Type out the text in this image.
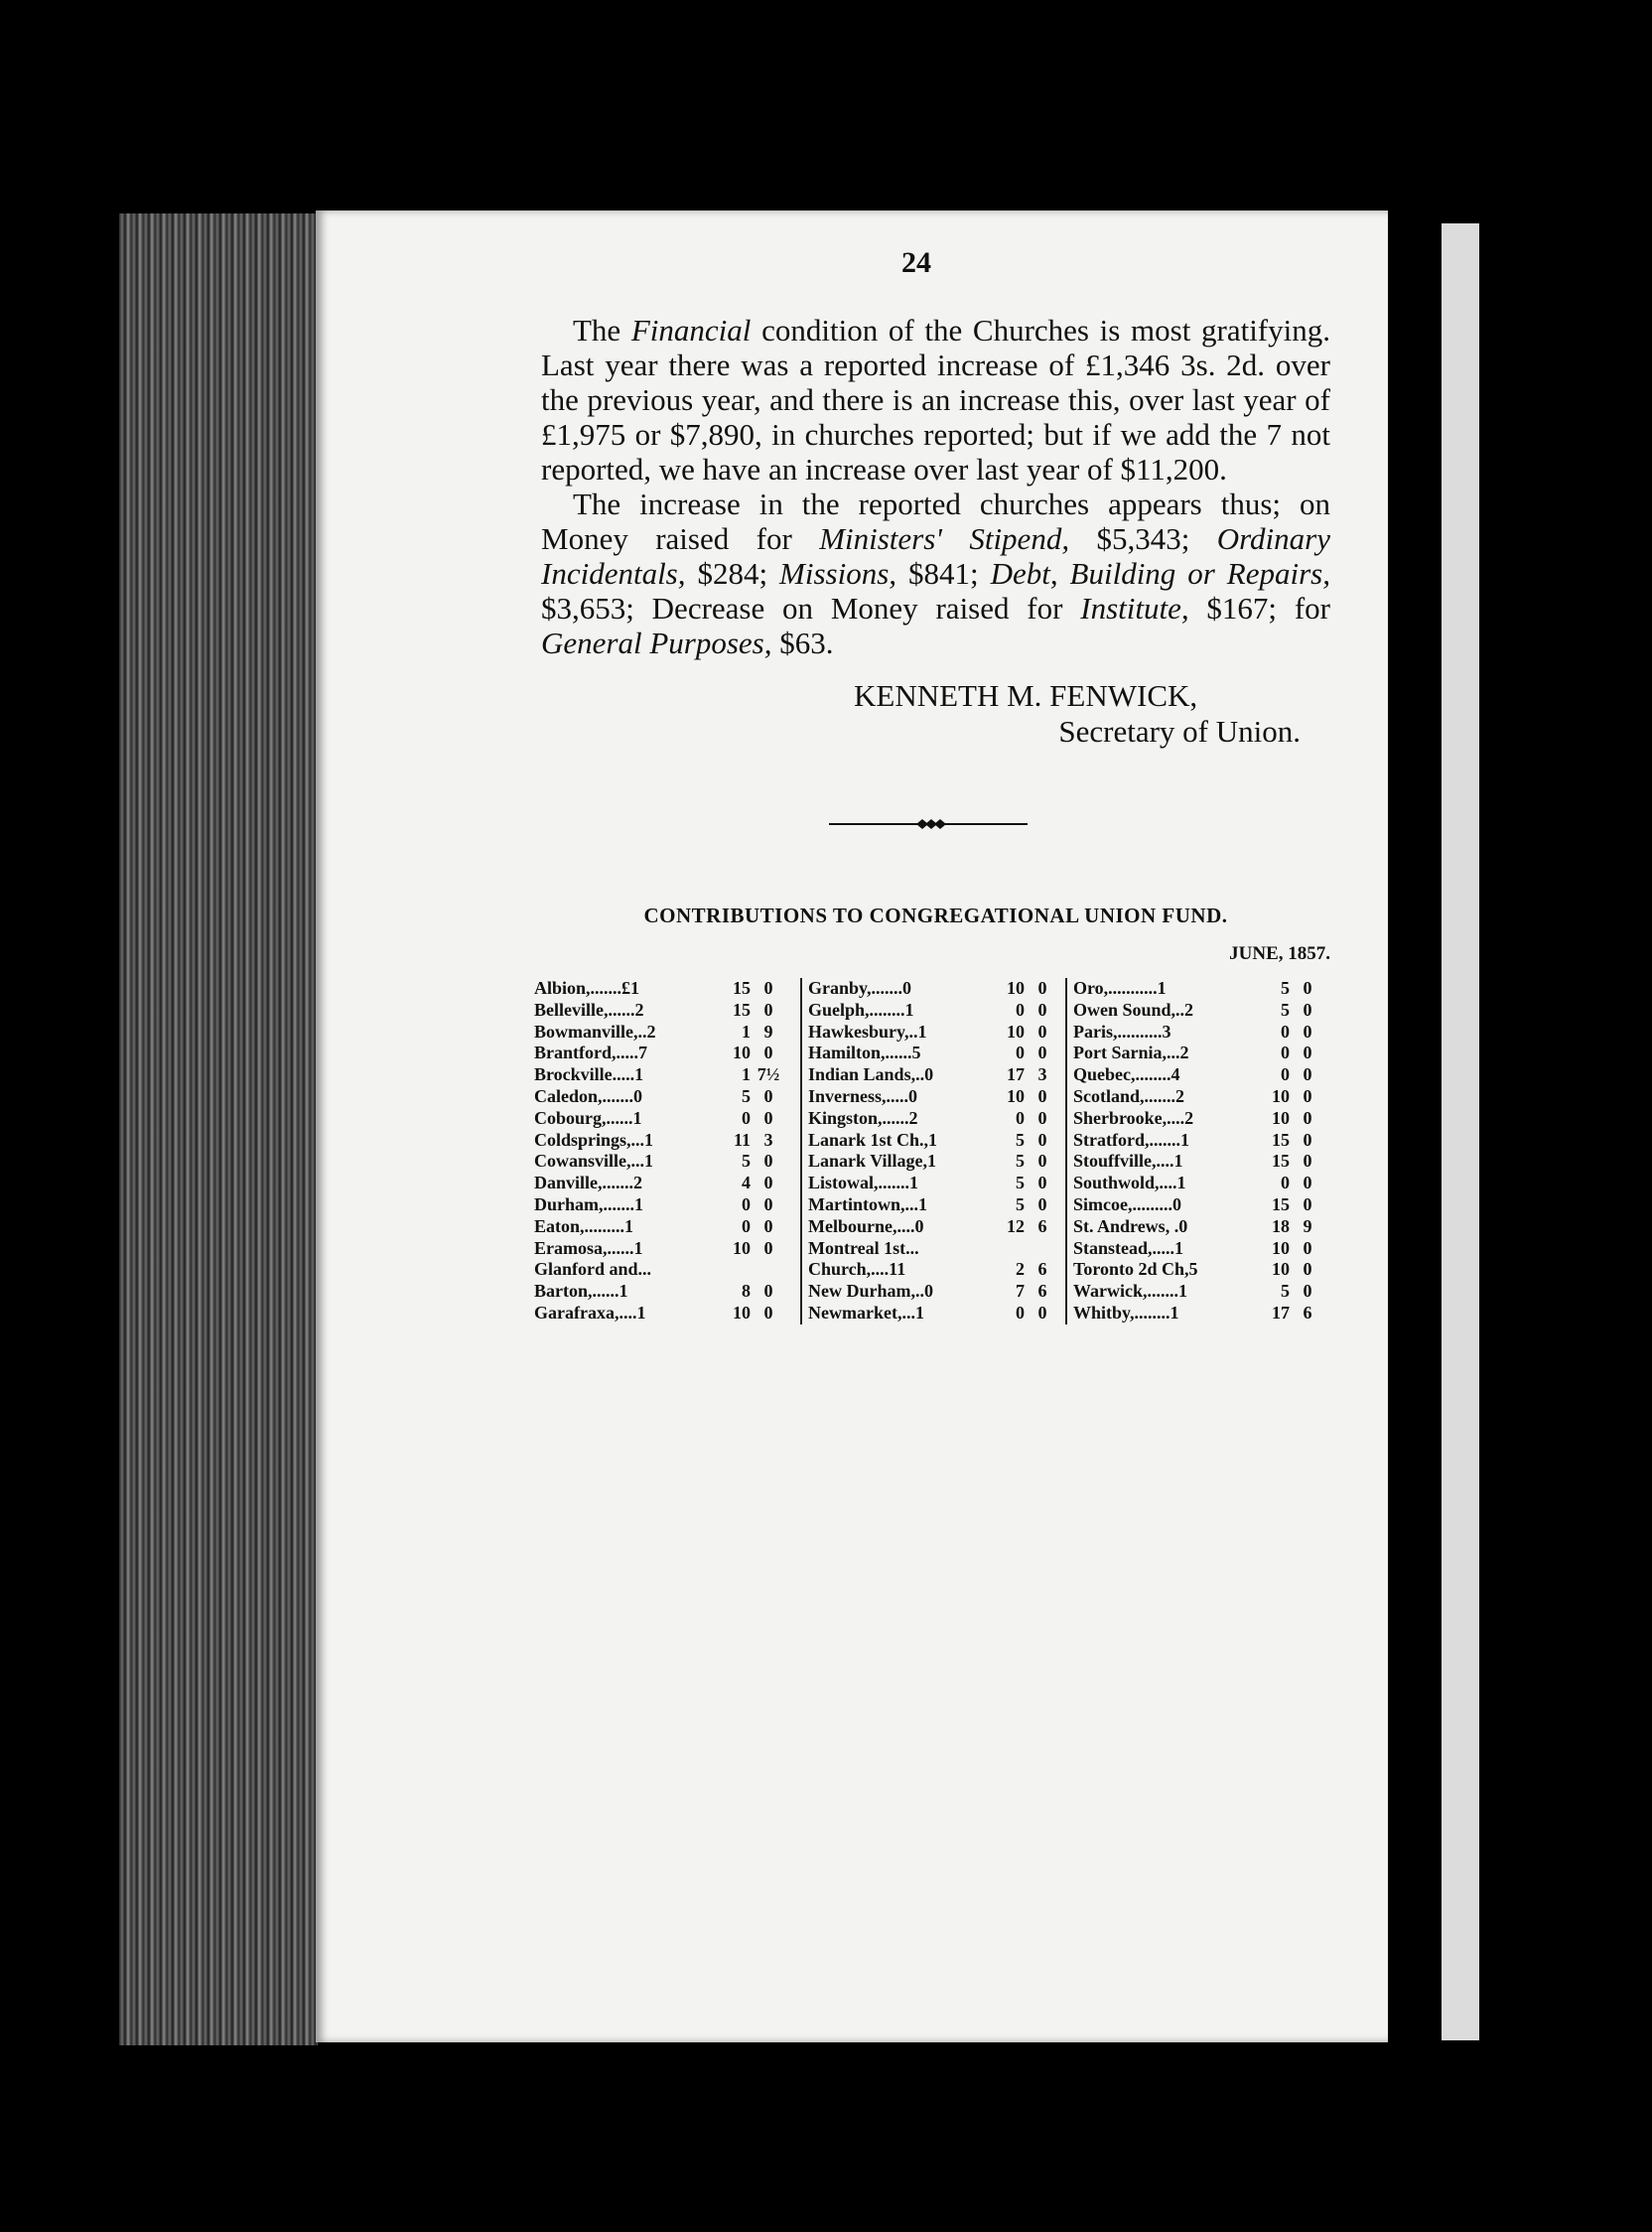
24

The Financial condition of the Churches is most gratifying. Last year there was a reported increase of £1,346 3s. 2d. over the previous year, and there is an increase this, over last year of £1,975 or $7,890, in churches reported; but if we add the 7 not reported, we have an increase over last year of $11,200.

The increase in the reported churches appears thus; on Money raised for Ministers' Stipend, $5,343; Ordinary Incidentals, $284; Missions, $841; Debt, Building or Repairs, $3,653; Decrease on Money raised for Institute, $167; for General Purposes, $63.

KENNETH M. FENWICK,
Secretary of Union.
CONTRIBUTIONS TO CONGREGATIONAL UNION FUND.
JUNE, 1857.
Albion,.......£1	15 0
Belleville,......2	15 0
Bowmanville,..2	1 9
Brantford,.....7	10 0
Brockville.....1	1 7½
Caledon,.......0	5 0
Cobourg,......1	0 0
Coldsprings,...1	11 3
Cowansville,...1	5 0
Danville,.......2	4 0
Durham,.......1	0 0
Eaton,.........1	0 0
Eramosa,......1	10 0
Glanford and...
Barton,......1	8 0
Garafraxa,....1	10 0
Granby,.......0	10 0
Guelph,........1	0 0
Hawkesbury,..1	10 0
Hamilton,......5	0 0
Indian Lands,..0	17 3
Inverness,.....0	10 0
Kingston,......2	0 0
Lanark 1st Ch.,1	5 0
Lanark Village,1	5 0
Listowal,.......1	5 0
Martintown,...1	5 0
Melbourne,....0	12 6
Montreal 1st...
Church,....11	2 6
New Durham,..0	7 6
Newmarket,...1	0 0
Oro,...........1	5 0
Owen Sound,..2	5 0
Paris,..........3	0 0
Port Sarnia,...2	0 0
Quebec,........4	0 0
Scotland,.......2	10 0
Sherbrooke,....2	10 0
Stratford,.......1	15 0
Stouffville,....1	15 0
Southwold,....1	0 0
Simcoe,.........0	15 0
St. Andrews, .0	18 9
Stanstead,.....1	10 0
Toronto 2d Ch,5	10 0
Warwick,.......1	5 0
Whitby,........1	17 6
